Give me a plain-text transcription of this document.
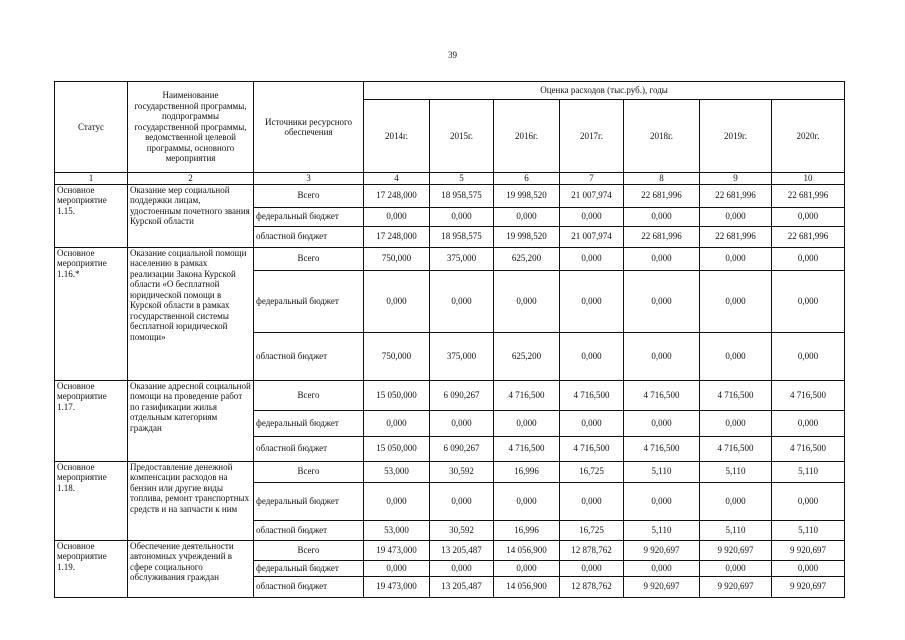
39
Статус	Наименование государственной программы, подпрограммы государственной программы, ведомственной целевой программы, основного мероприятия	Источники ресурсного обеспечения	Оценка расходов (тыс.руб.), годы						
			2014г.	2015г.	2016г.	2017г.	2018г.	2019г.	2020г.
1	2	3	4	5	6	7	8	9	10

Основное мероприятие 1.15.	Оказание мер социальной поддержки лицам, удостоенным почетного звания Курской области	Всего	17 248,000	18 958,575	19 998,520	21 007,974	22 681,996	22 681,996	22 681,996
		федеральный бюджет	0,000	0,000	0,000	0,000	0,000	0,000	0,000
		областной бюджет	17 248,000	18 958,575	19 998,520	21 007,974	22 681,996	22 681,996	22 681,996

Основное мероприятие 1.16.*	Оказание социальной помощи населению в рамках реализации Закона Курской области «О бесплатной юридической помощи в Курской области в рамках государственной системы бесплатной юридической помощи»	Всего	750,000	375,000	625,200	0,000	0,000	0,000	0,000
		федеральный бюджет	0,000	0,000	0,000	0,000	0,000	0,000	0,000
		областной бюджет	750,000	375,000	625,200	0,000	0,000	0,000	0,000

Основное мероприятие 1.17.	Оказание адресной социальной помощи на проведение работ по газификации жилья отдельным категориям граждан	Всего	15 050,000	6 090,267	4 716,500	4 716,500	4 716,500	4 716,500	4 716,500
		федеральный бюджет	0,000	0,000	0,000	0,000	0,000	0,000	0,000
		областной бюджет	15 050,000	6 090,267	4 716,500	4 716,500	4 716,500	4 716,500	4 716,500

Основное мероприятие 1.18.	Предоставление денежной компенсации расходов на бензин или другие виды топлива, ремонт транспортных средств и на запчасти к ним	Всего	53,000	30,592	16,996	16,725	5,110	5,110	5,110
		федеральный бюджет	0,000	0,000	0,000	0,000	0,000	0,000	0,000
		областной бюджет	53,000	30,592	16,996	16,725	5,110	5,110	5,110

Основное мероприятие 1.19.	Обеспечение деятельности автономных учреждений в сфере социального обслуживания граждан	Всего	19 473,000	13 205,487	14 056,900	12 878,762	9 920,697	9 920,697	9 920,697
		федеральный бюджет	0,000	0,000	0,000	0,000	0,000	0,000	0,000
		областной бюджет	19 473,000	13 205,487	14 056,900	12 878,762	9 920,697	9 920,697	9 920,697
